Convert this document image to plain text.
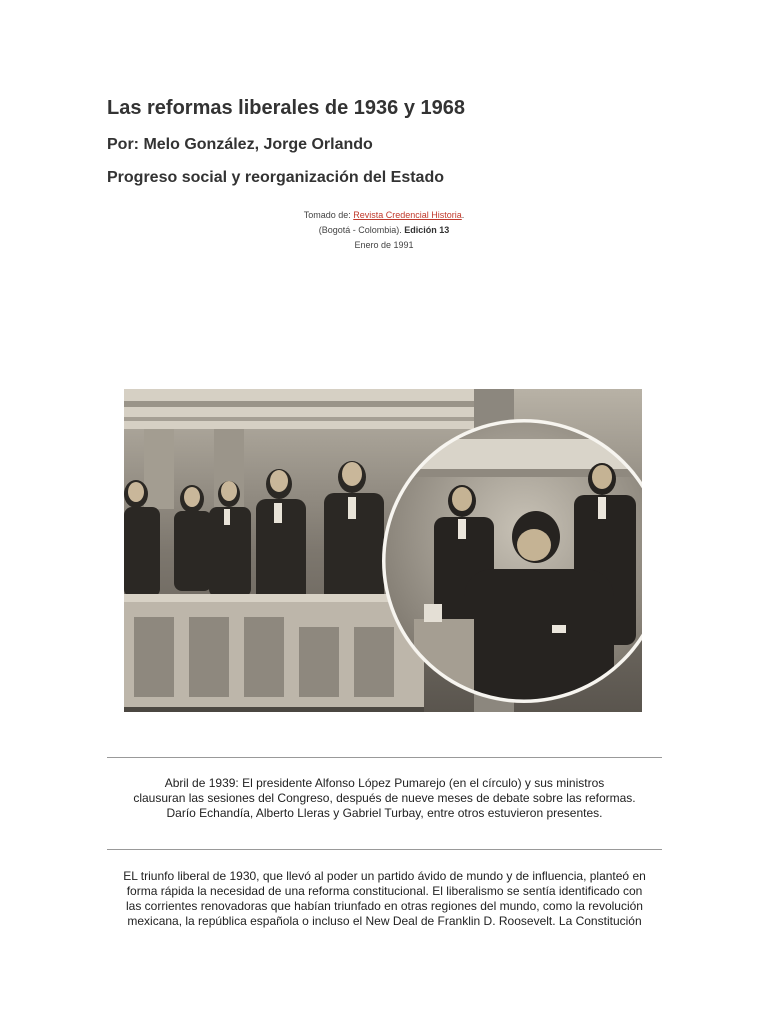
Las reformas liberales de 1936 y 1968
Por: Melo González, Jorge Orlando
Progreso social y reorganización del Estado
Tomado de: Revista Credencial Historia.
(Bogotá - Colombia). Edición 13
Enero de 1991
Abril de 1939: El presidente Alfonso López Pumarejo (en el círculo) y sus ministros
clausuran las sesiones del Congreso, después de nueve meses de debate sobre las reformas.
Darío Echandía, Alberto Lleras y Gabriel Turbay, entre otros estuvieron presentes.
EL triunfo liberal de 1930, que llevó al poder un partido ávido de mundo y de influencia, planteó en
forma rápida la necesidad de una reforma constitucional. El liberalismo se sentía identificado con
las corrientes renovadoras que habían triunfado en otras regiones del mundo, como la revolución
mexicana, la república española o incluso el New Deal de Franklin D. Roosevelt. La Constitución
